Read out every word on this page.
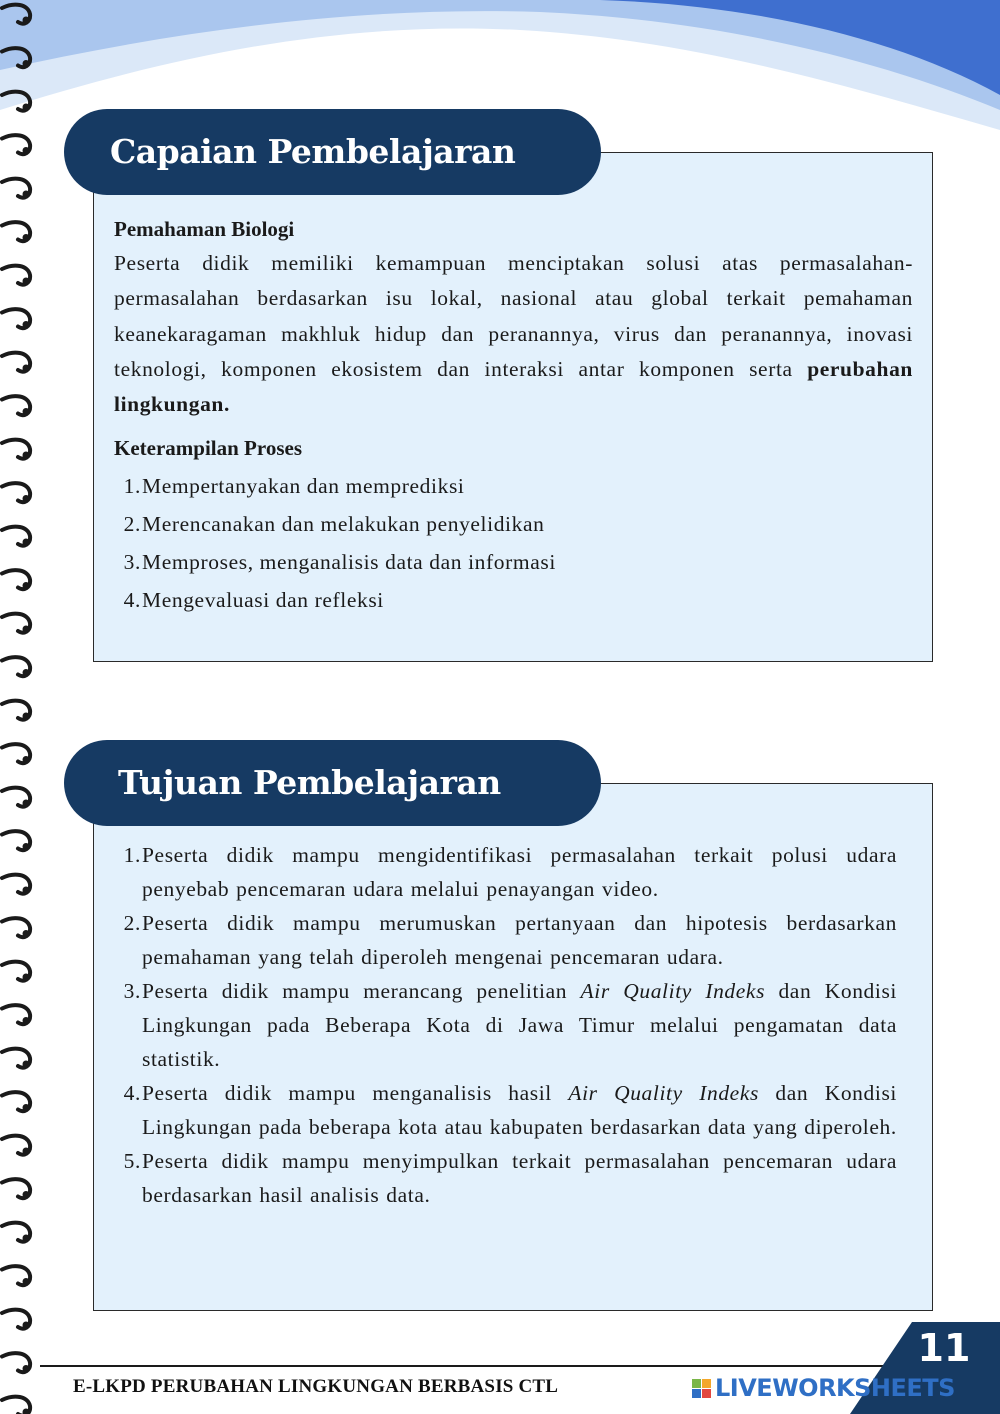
Capaian Pembelajaran
Pemahaman Biologi
Peserta didik memiliki kemampuan menciptakan solusi atas permasalahan-permasalahan berdasarkan isu lokal, nasional atau global terkait pemahaman keanekaragaman makhluk hidup dan peranannya, virus dan peranannya, inovasi teknologi, komponen ekosistem dan interaksi antar komponen serta perubahan lingkungan.
Keterampilan Proses
1. Mempertanyakan dan memprediksi
2. Merencanakan dan melakukan penyelidikan
3. Memproses, menganalisis data dan informasi
4. Mengevaluasi dan refleksi
Tujuan Pembelajaran
1. Peserta didik mampu mengidentifikasi permasalahan terkait polusi udara penyebab pencemaran udara melalui penayangan video.
2. Peserta didik mampu merumuskan pertanyaan dan hipotesis berdasarkan pemahaman yang telah diperoleh mengenai pencemaran udara.
3. Peserta didik mampu merancang penelitian Air Quality Indeks dan Kondisi Lingkungan pada Beberapa Kota di Jawa Timur melalui pengamatan data statistik.
4. Peserta didik mampu menganalisis hasil Air Quality Indeks dan Kondisi Lingkungan pada beberapa kota atau kabupaten berdasarkan data yang diperoleh.
5. Peserta didik mampu menyimpulkan terkait permasalahan pencemaran udara berdasarkan hasil analisis data.
E-LKPD PERUBAHAN LINGKUNGAN BERBASIS CTL
11
LIVEWORKSHEETS
